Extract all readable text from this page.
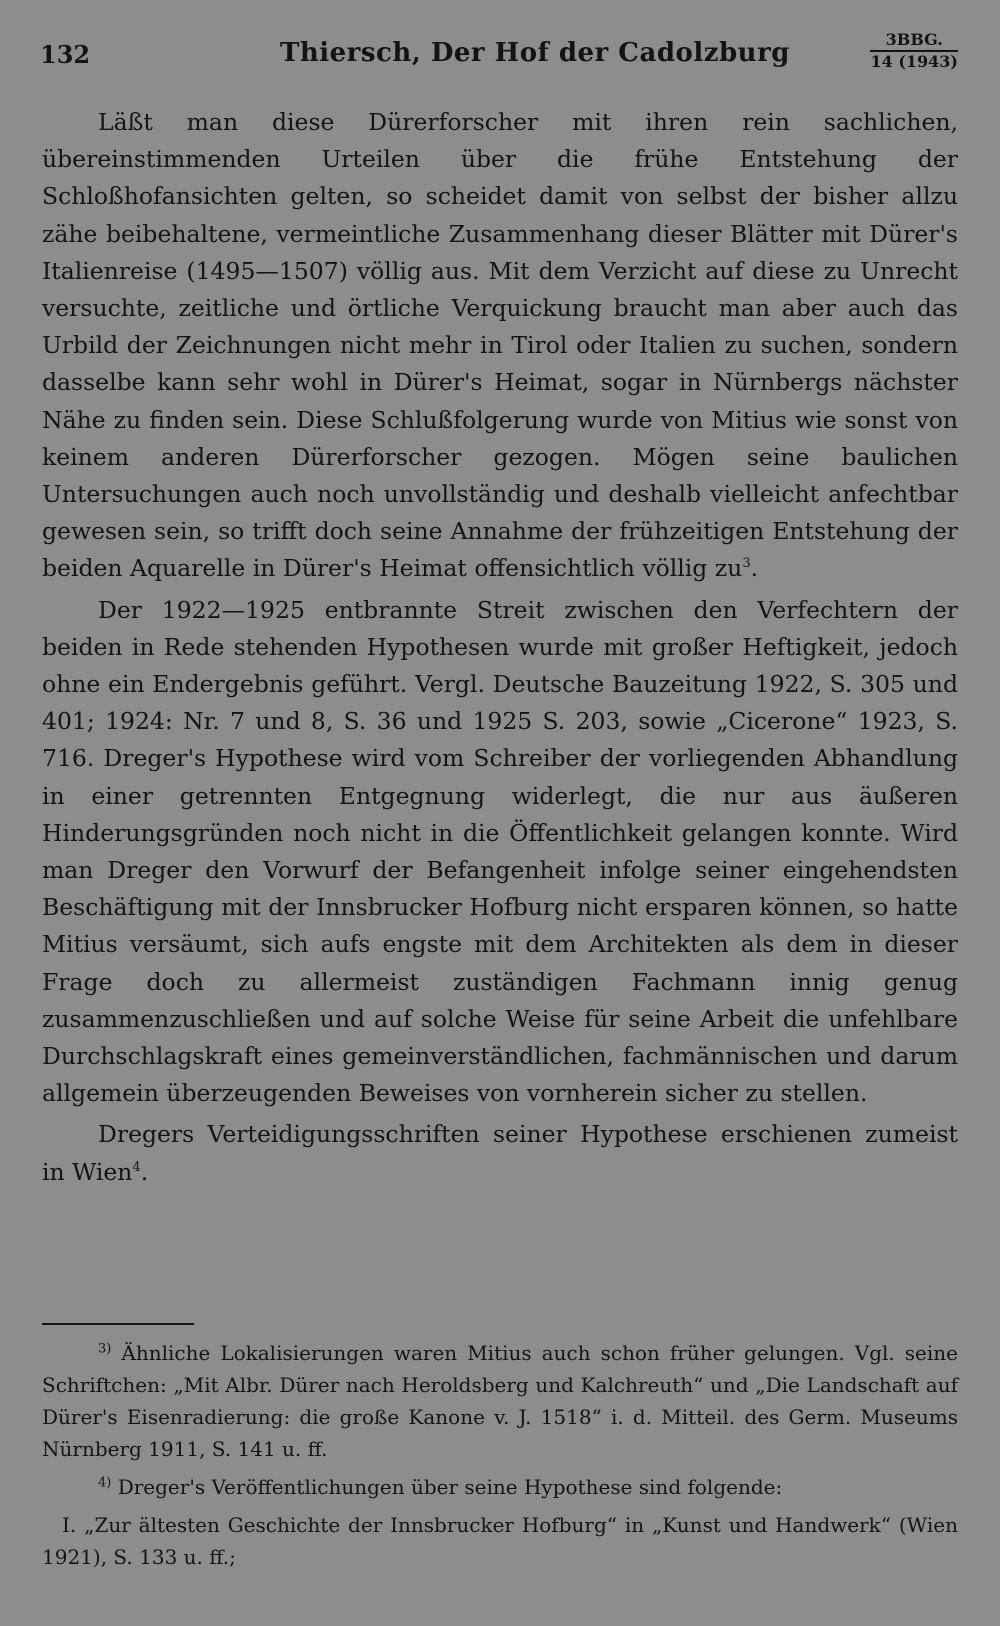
132	Thiersch, Der Hof der Cadolzburg	3BBG.
14 (1943)

Läßt man diese Dürerforscher mit ihren rein sachlichen, übereinstimmenden Urteilen über die frühe Entstehung der Schloßhofansichten gelten, so scheidet damit von selbst der bisher allzu zähe beibehaltene, vermeintliche Zusammenhang dieser Blätter mit Dürer's Italienreise (1495—1507) völlig aus. Mit dem Verzicht auf diese zu Unrecht versuchte, zeitliche und örtliche Verquickung braucht man aber auch das Urbild der Zeichnungen nicht mehr in Tirol oder Italien zu suchen, sondern dasselbe kann sehr wohl in Dürer's Heimat, sogar in Nürnbergs nächster Nähe zu finden sein. Diese Schlußfolgerung wurde von Mitius wie sonst von keinem anderen Dürerforscher gezogen. Mögen seine baulichen Untersuchungen auch noch unvollständig und deshalb vielleicht anfechtbar gewesen sein, so trifft doch seine Annahme der frühzeitigen Entstehung der beiden Aquarelle in Dürer's Heimat offensichtlich völlig $zu^3$.

Der 1922—1925 entbrannte Streit zwischen den Verfechtern der beiden in Rede stehenden Hypothesen wurde mit großer Heftigkeit, jedoch ohne ein Endergebnis geführt. Vergl. Deutsche Bauzeitung 1922, S. 305 und 401; 1924: Nr. 7 und 8, S. 36 und 1925 S. 203, sowie „Cicerone“ 1923, S. 716. Dreger's Hypothese wird vom Schreiber der vorliegenden Abhandlung in einer getrennten Entgegnung widerlegt, die nur aus äußeren Hinderungsgründen noch nicht in die Öffentlichkeit gelangen konnte. Wird man Dreger den Vorwurf der Befangenheit infolge seiner eingehendsten Beschäftigung mit der Innsbrucker Hofburg nicht ersparen können, so hatte Mitius versäumt, sich aufs engste mit dem Architekten als dem in dieser Frage doch zu allermeist zuständigen Fachmann innig genug zusammenzuschließen und auf solche Weise für seine Arbeit die unfehlbare Durchschlagskraft eines gemeinverständlichen, fachmännischen und darum allgemein überzeugenden Beweises von vornherein sicher zu stellen.

Dregers Verteidigungsschriften seiner Hypothese erschienen zumeist in Wien$^4$.

$^{3)}$ Ähnliche Lokalisierungen waren Mitius auch schon früher gelungen. Vgl. seine Schriftchen: „Mit Albr. Dürer nach Heroldsberg und Kalchreuth“ und „Die Landschaft auf Dürer's Eisenradierung: die große Kanone v. J. 1518“ i. d. Mitteil. des Germ. Museums Nürnberg 1911, S. 141 u. ff.

$^{4)}$ Dreger's Veröffentlichungen über seine Hypothese sind folgende:

I. „Zur ältesten Geschichte der Innsbrucker Hofburg“ in „Kunst und Handwerk“ (Wien 1921), S. 133 u. ff.;
